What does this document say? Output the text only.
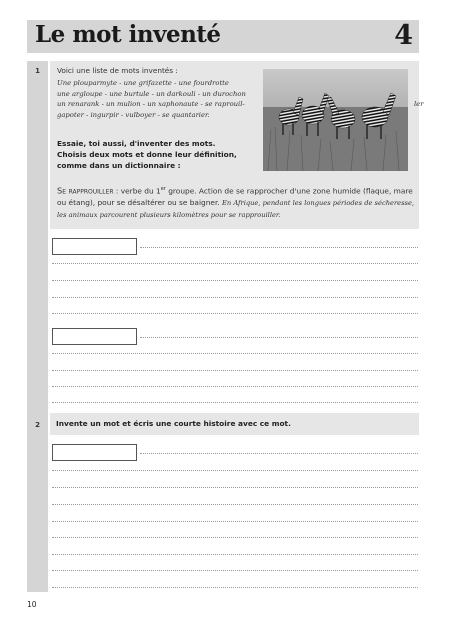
Le mot inventé	4
1
2
Voici une liste de mots inventés :
Une plouparmyte - une grifazette - une fourdrotte
une argloupe - une burtule - un darkouli - un durochon
un renarank - un mulion - un xaphonaute - se raprouil-
gapoter - ingurpir - vulboyer - se quantarier.
ler
Essaie, toi aussi, d'inventer des mots.
Choisis deux mots et donne leur définition,
comme dans un dictionnaire :
Se rapprouiller : verbe du 1er groupe. Action de se rapprocher d'une zone humide (flaque, mare ou étang), pour se désaltérer ou se baigner. En Afrique, pendant les longues périodes de sécheresse, les animaux parcourent plusieurs kilomètres pour se rapprouiller.
Invente un mot et écris une courte histoire avec ce mot.
10
